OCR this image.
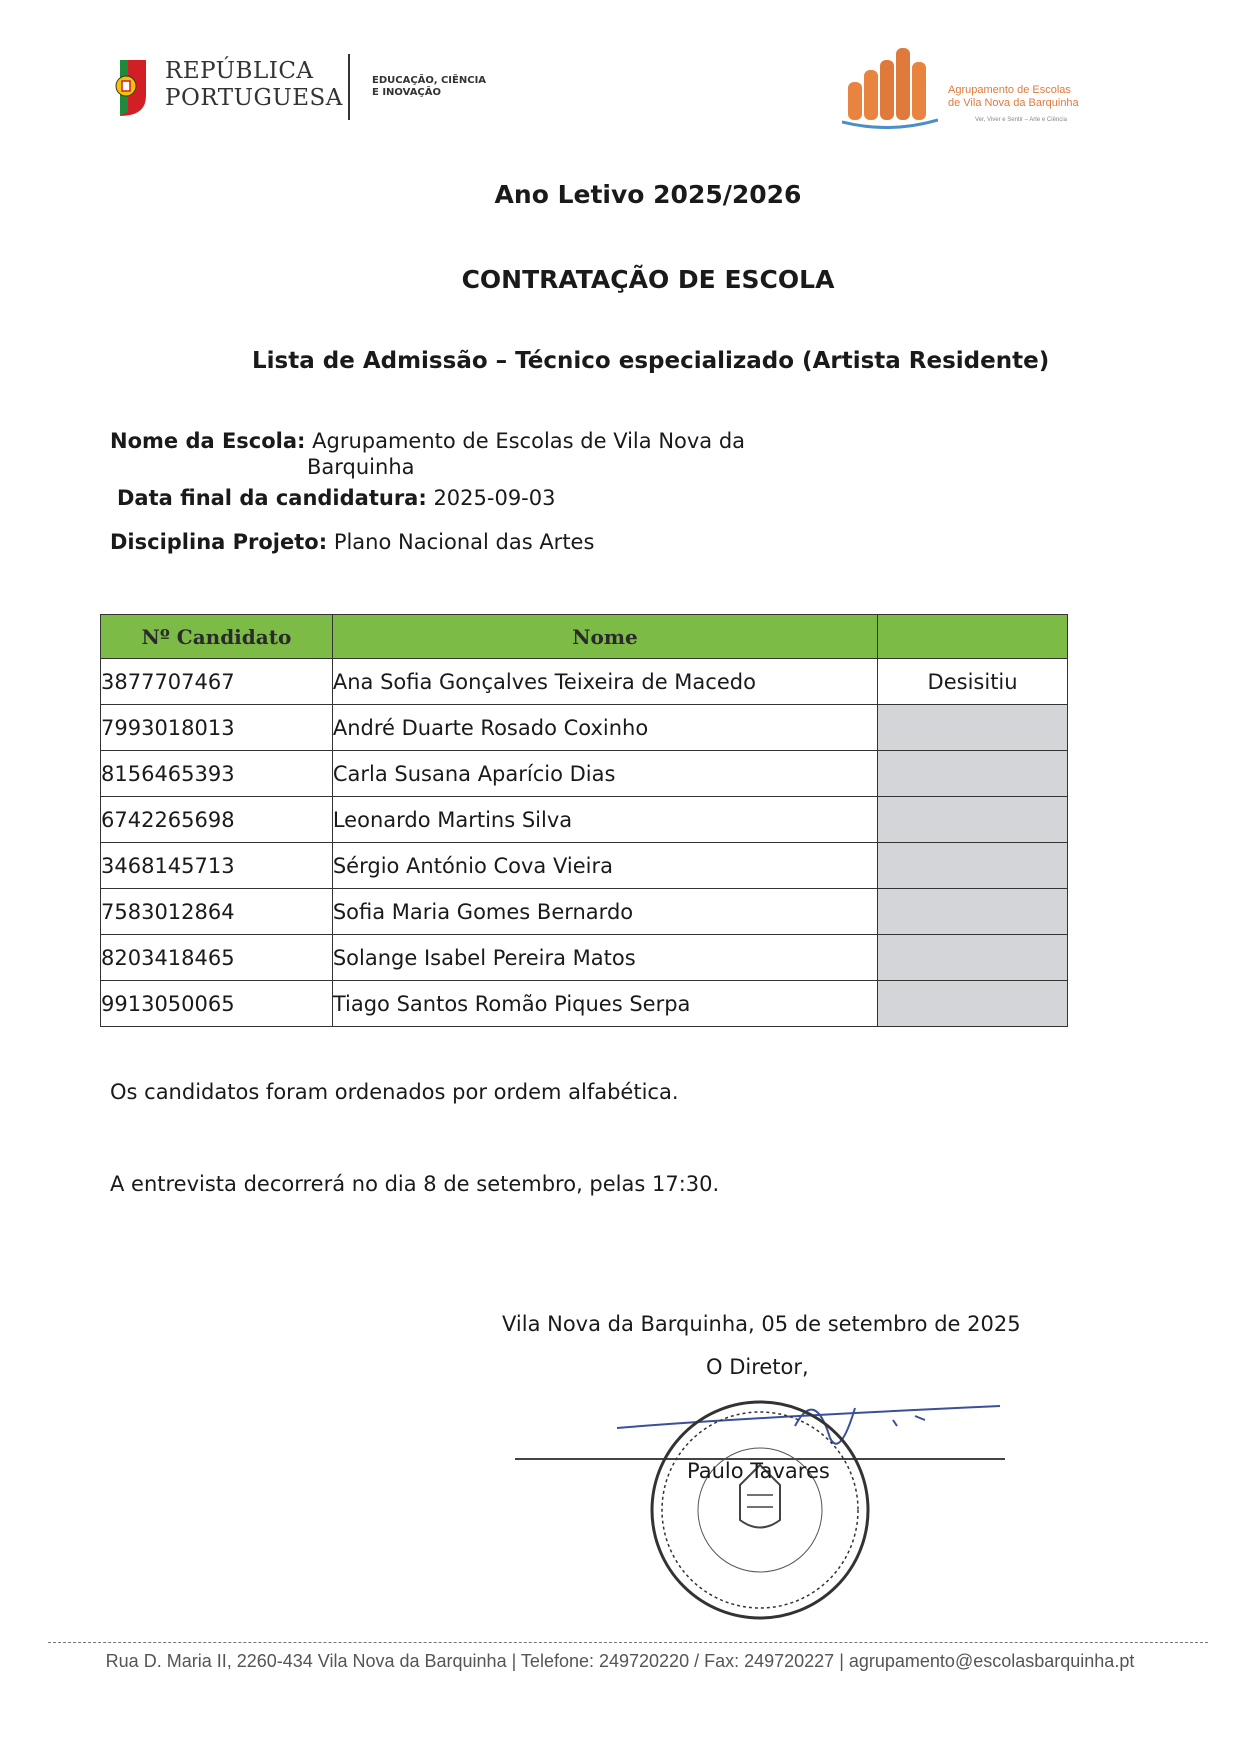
REPÚBLICA
PORTUGUESA
EDUCAÇÃO, CIÊNCIA
E INOVAÇÃO	Agrupamento de Escolas
de Vila Nova da Barquinha
Ver, Viver e Sentir – Arte e Ciência
Ano Letivo 2025/2026
CONTRATAÇÃO DE ESCOLA
Lista de Admissão – Técnico especializado (Artista Residente)
Nome da Escola: Agrupamento de Escolas de Vila Nova da
Barquinha
Data final da candidatura: 2025-09-03
Disciplina Projeto: Plano Nacional das Artes
Nº Candidato	Nome	
3877707467	Ana Sofia Gonçalves Teixeira de Macedo	Desisitiu
7993018013	André Duarte Rosado Coxinho	
8156465393	Carla Susana Aparício Dias	
6742265698	Leonardo Martins Silva	
3468145713	Sérgio António Cova Vieira	
7583012864	Sofia Maria Gomes Bernardo	
8203418465	Solange Isabel Pereira Matos	
9913050065	Tiago Santos Romão Piques Serpa	
Os candidatos foram ordenados por ordem alfabética.
A entrevista decorrerá no dia 8 de setembro, pelas 17:30.
Vila Nova da Barquinha, 05 de setembro de 2025
O Diretor,
Paulo Tavares
Rua D. Maria II, 2260-434 Vila Nova da Barquinha | Telefone: 249720220 / Fax: 249720227 | agrupamento@escolasbarquinha.pt
